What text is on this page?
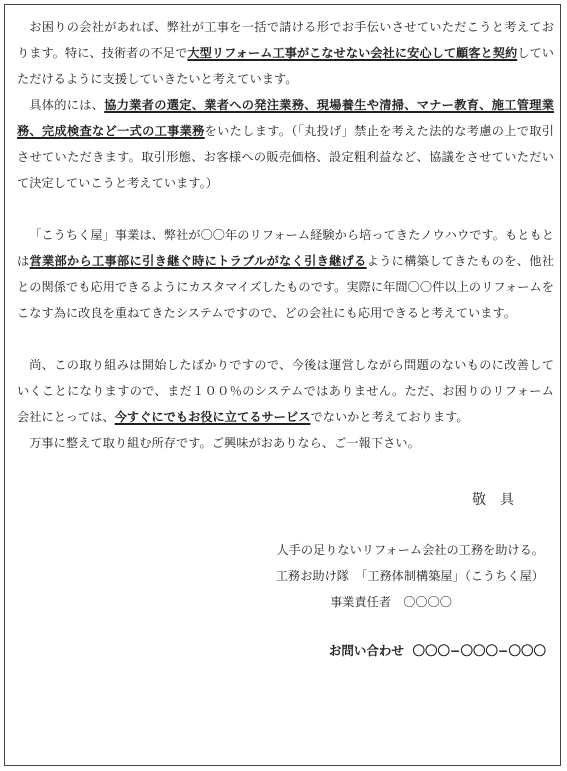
お困りの会社があれば、弊社が工事を一括で請ける形でお手伝いさせていただこうと考えております。特に、技術者の不足で大型リフォーム工事がこなせない会社に安心して顧客と契約していただけるように支援していきたいと考えています。

具体的には、協力業者の選定、業者への発注業務、現場養生や清掃、マナー教育、施工管理業務、完成検査など一式の工事業務をいたします。（「丸投げ」禁止を考えた法的な考慮の上で取引させていただきます。取引形態、お客様への販売価格、設定粗利益など、協議をさせていただいて決定していこうと考えています。）

「こうちく屋」事業は、弊社が〇〇年のリフォーム経験から培ってきたノウハウです。もともとは営業部から工事部に引き継ぐ時にトラブルがなく引き継げるように構築してきたものを、他社との関係でも応用できるようにカスタマイズしたものです。実際に年間〇〇件以上のリフォームをこなす為に改良を重ねてきたシステムですので、どの会社にも応用できると考えています。

尚、この取り組みは開始したばかりですので、今後は運営しながら問題のないものに改善していくことになりますので、まだ１００％のシステムではありません。ただ、お困りのリフォーム会社にとっては、今すぐにでもお役に立てるサービスでないかと考えております。

万事に整えて取り組む所存です。ご興味がおありなら、ご一報下さい。

敬具
人手の足りないリフォーム会社の工務を助ける。
工務お助け隊　「工務体制構築屋」（こうちく屋）
事業責任者　〇〇〇〇
お問い合わせ 〇〇〇−〇〇〇−〇〇〇
